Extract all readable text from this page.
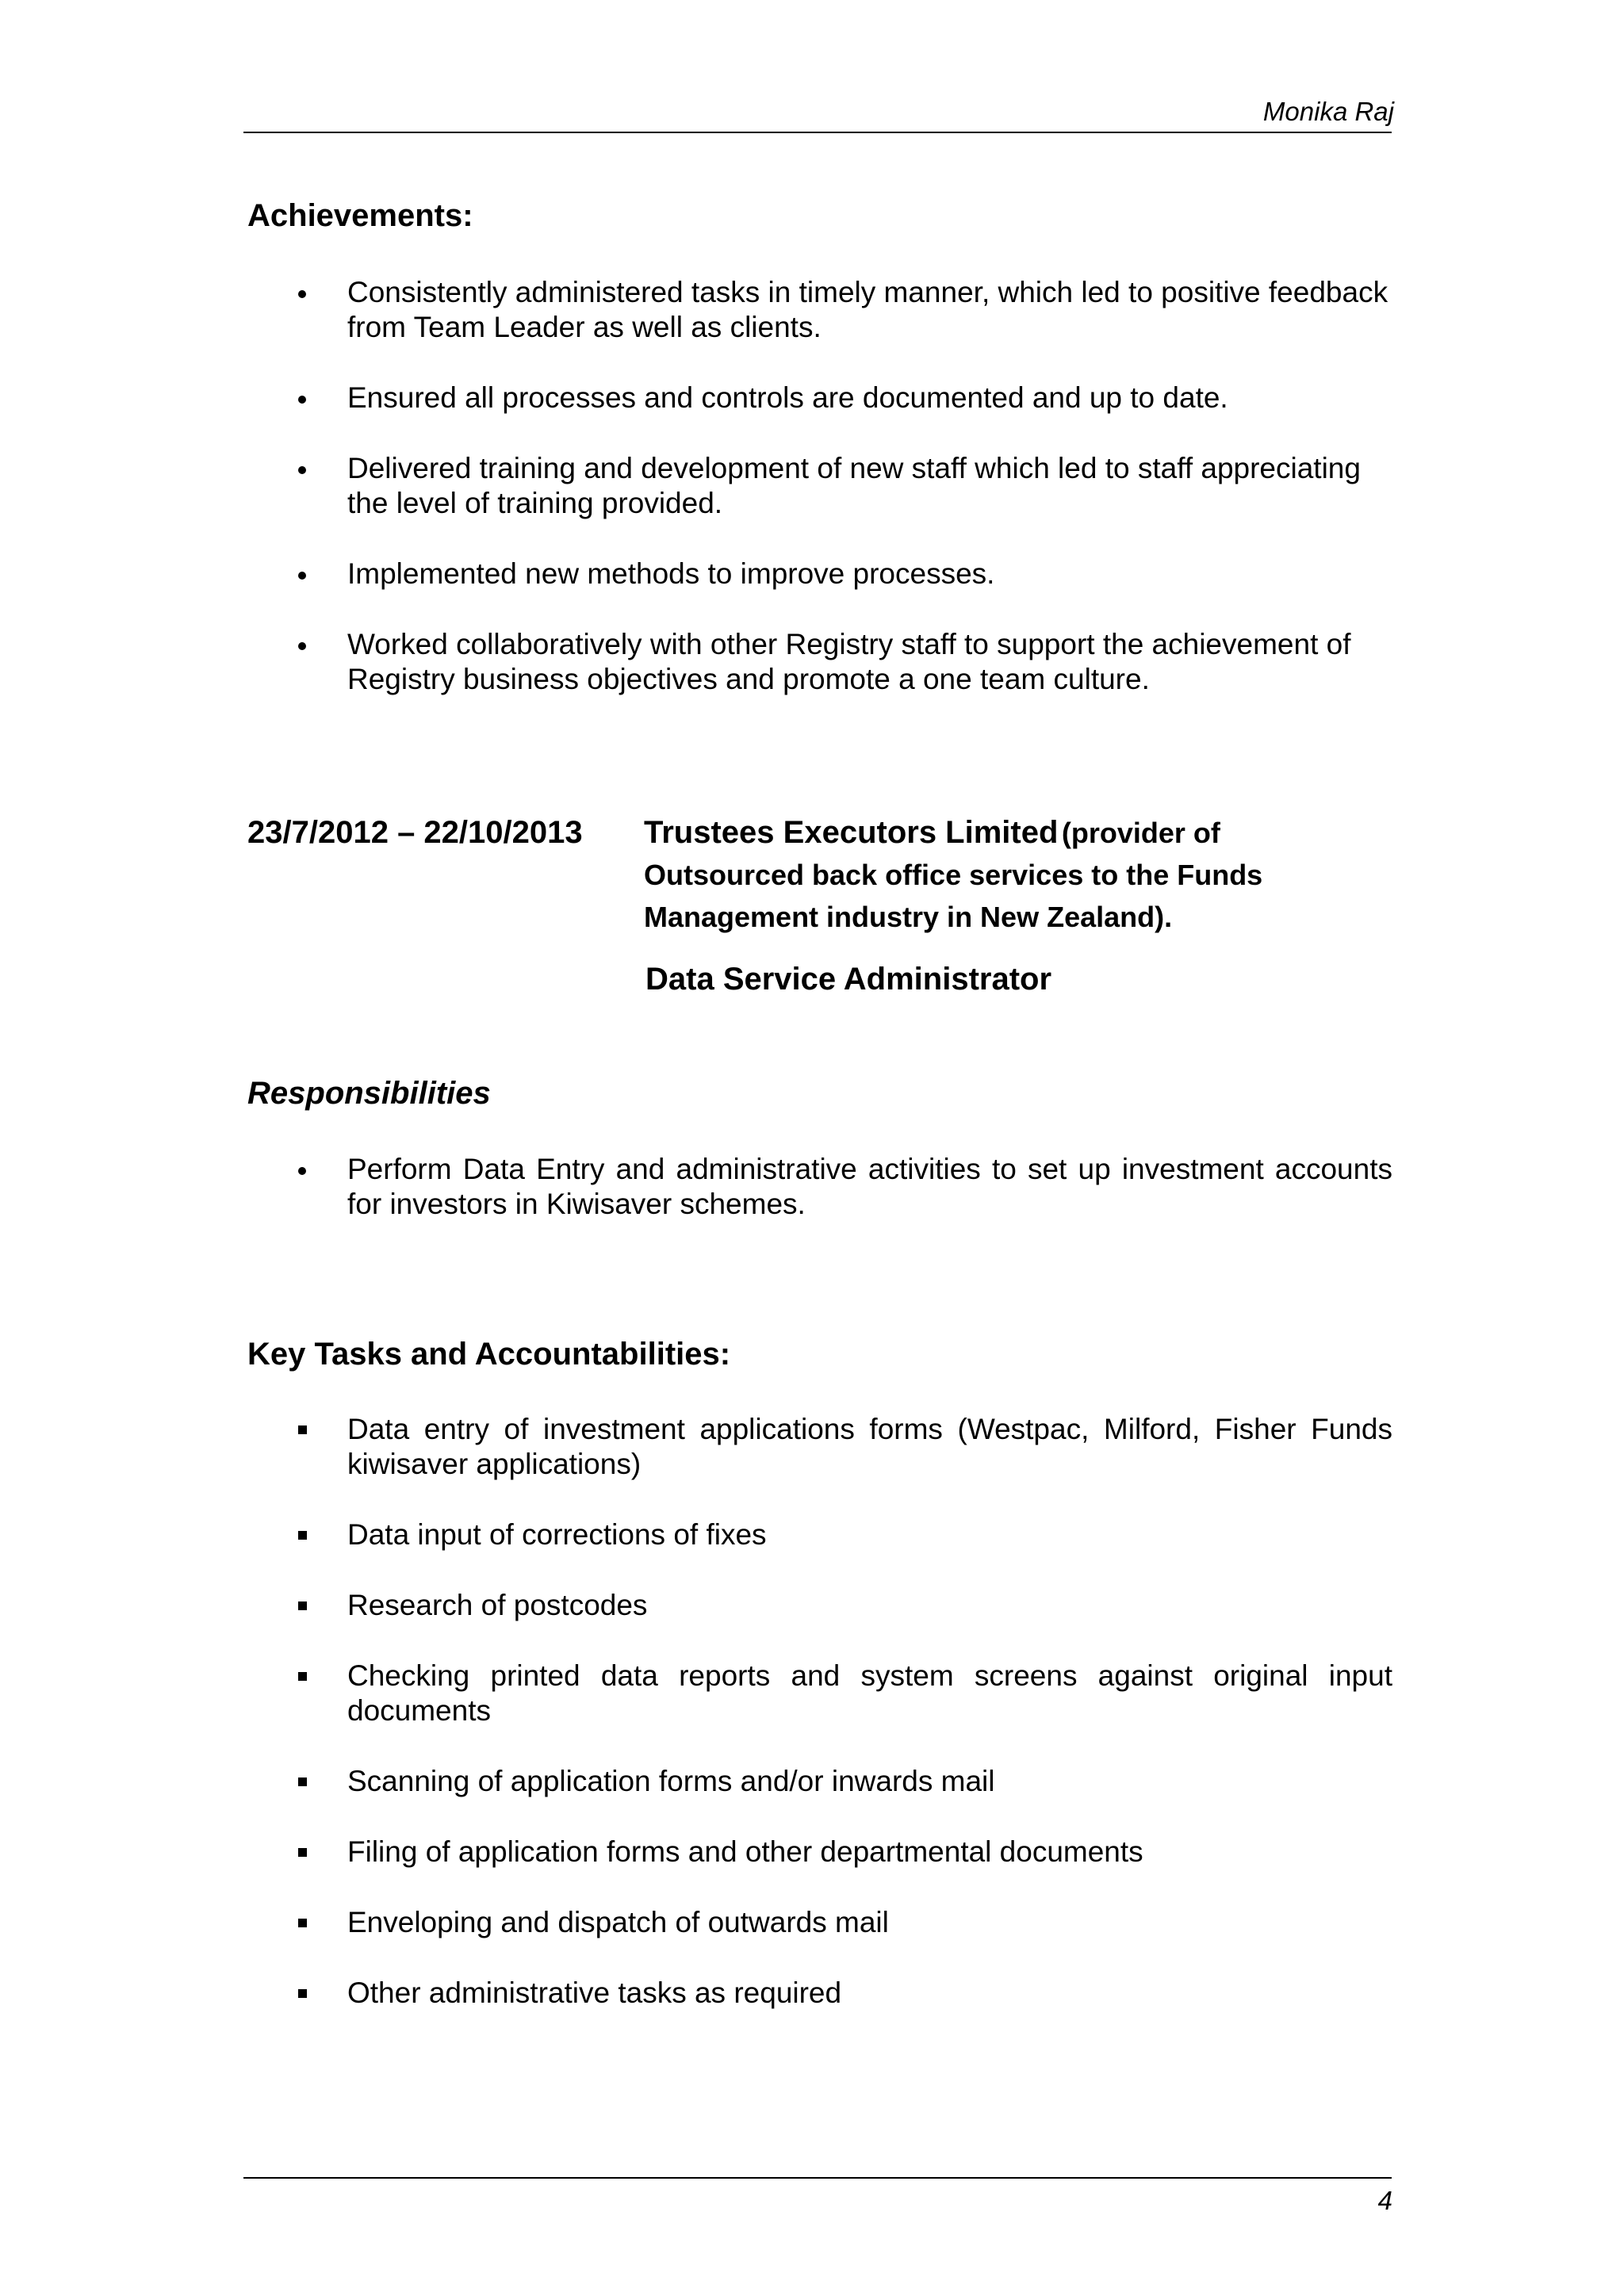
Monika Raj
Achievements:
Consistently administered tasks in timely manner, which led to positive feedback from Team Leader as well as clients.
Ensured all processes and controls are documented and up to date.
Delivered training and development of new staff which led to staff appreciating the level of training provided.
Implemented new methods to improve processes.
Worked collaboratively with other Registry staff to support the achievement of Registry business objectives and promote a one team culture.
23/7/2012 – 22/10/2013 Trustees Executors Limited (provider of Outsourced back office services to the Funds Management industry in New Zealand).
Data Service Administrator
Responsibilities
Perform Data Entry and administrative activities to set up investment accounts for investors in Kiwisaver schemes.
Key Tasks and Accountabilities:
Data entry of investment applications forms (Westpac, Milford, Fisher Funds kiwisaver applications)
Data input of corrections of fixes
Research of postcodes
Checking printed data reports and system screens against original input documents
Scanning of application forms and/or inwards mail
Filing of application forms and other departmental documents
Enveloping and dispatch of outwards mail
Other administrative tasks as required
4
